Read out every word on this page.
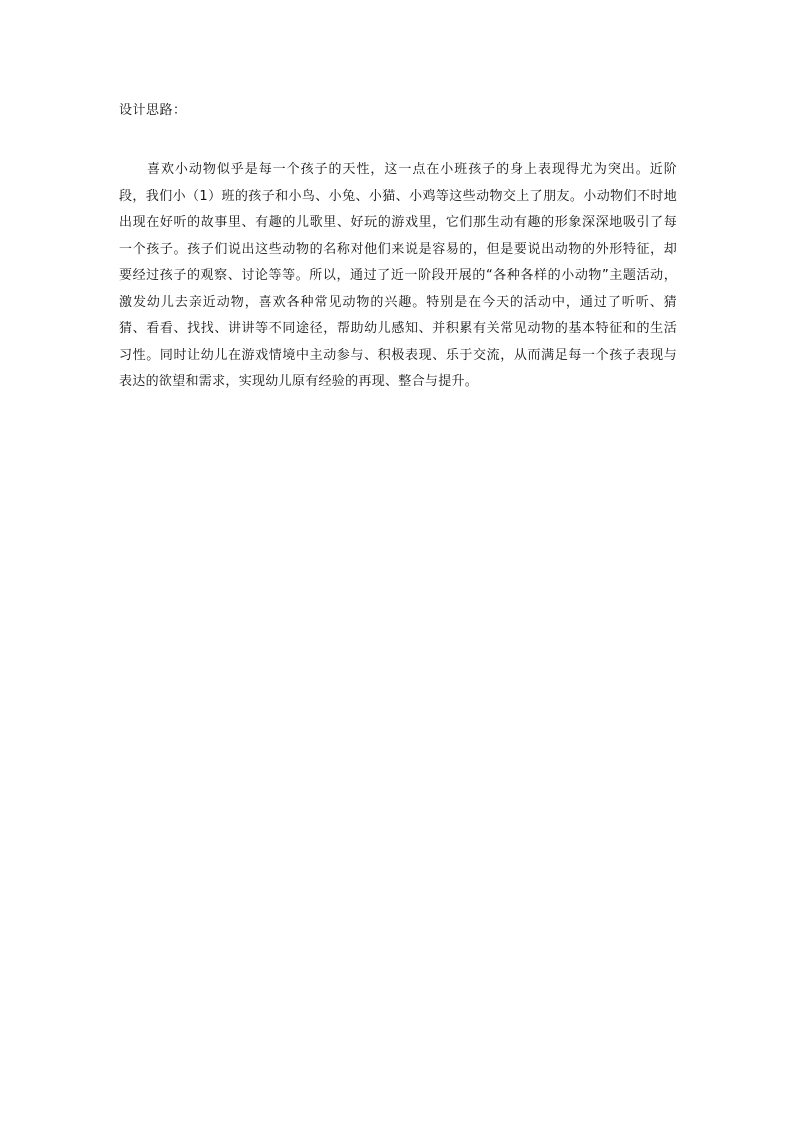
设计思路：

喜欢小动物似乎是每一个孩子的天性，这一点在小班孩子的身上表现得尤为突出。近阶段，我们小（1）班的孩子和小鸟、小兔、小猫、小鸡等这些动物交上了朋友。小动物们不时地出现在好听的故事里、有趣的儿歌里、好玩的游戏里，它们那生动有趣的形象深深地吸引了每一个孩子。孩子们说出这些动物的名称对他们来说是容易的，但是要说出动物的外形特征，却要经过孩子的观察、讨论等等。所以，通过了近一阶段开展的“各种各样的小动物”主题活动，激发幼儿去亲近动物，喜欢各种常见动物的兴趣。特别是在今天的活动中，通过了听听、猜猜、看看、找找、讲讲等不同途径，帮助幼儿感知、并积累有关常见动物的基本特征和的生活习性。同时让幼儿在游戏情境中主动参与、积极表现、乐于交流，从而满足每一个孩子表现与表达的欲望和需求，实现幼儿原有经验的再现、整合与提升。
